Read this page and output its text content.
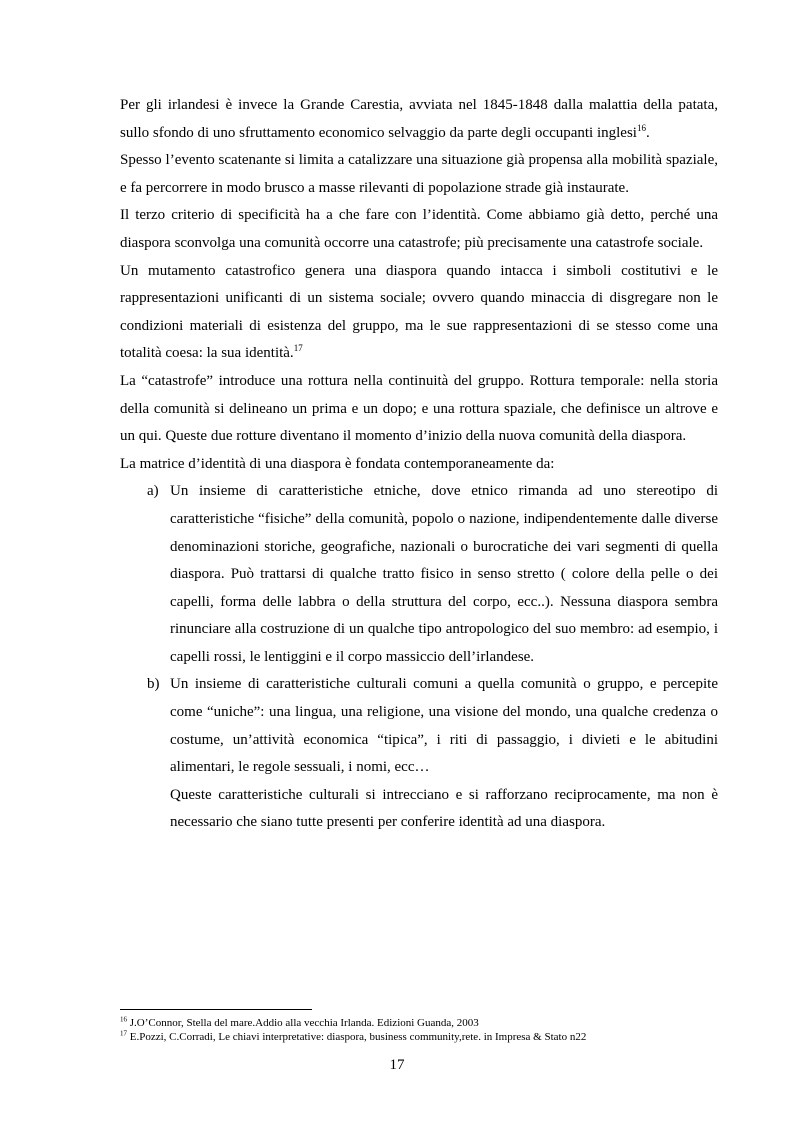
Per gli irlandesi è invece la Grande Carestia, avviata nel 1845-1848 dalla malattia della patata, sullo sfondo di uno sfruttamento economico selvaggio da parte degli occupanti inglesi$^{16}$.

Spesso l’evento scatenante si limita a catalizzare una situazione già propensa alla mobilità spaziale, e fa percorrere in modo brusco a masse rilevanti di popolazione strade già instaurate.

Il terzo criterio di specificità ha a che fare con l’identità. Come abbiamo già detto, perché una diaspora sconvolga una comunità occorre una catastrofe; più precisamente una catastrofe sociale.

Un mutamento catastrofico genera una diaspora quando intacca i simboli costitutivi e le rappresentazioni unificanti di un sistema sociale; ovvero quando minaccia di disgregare non le condizioni materiali di esistenza del gruppo, ma le sue rappresentazioni di se stesso come una totalità coesa: la sua identità.$^{17}$

La “catastrofe” introduce una rottura nella continuità del gruppo. Rottura temporale: nella storia della comunità si delineano un prima e un dopo; e una rottura spaziale, che definisce un altrove e un qui. Queste due rotture diventano il momento d’inizio della nuova comunità della diaspora.

La matrice d’identità di una diaspora è fondata contemporaneamente da:

a) Un insieme di caratteristiche etniche, dove etnico rimanda ad uno stereotipo di caratteristiche “fisiche” della comunità, popolo o nazione, indipendentemente dalle diverse denominazioni storiche, geografiche, nazionali o burocratiche dei vari segmenti di quella diaspora. Può trattarsi di qualche tratto fisico in senso stretto ( colore della pelle o dei capelli, forma delle labbra o della struttura del corpo, ecc..). Nessuna diaspora sembra rinunciare alla costruzione di un qualche tipo antropologico del suo membro: ad esempio, i capelli rossi, le lentiggini e il corpo massiccio dell’irlandese.

b) Un insieme di caratteristiche culturali comuni a quella comunità o gruppo, e percepite come “uniche”: una lingua, una religione, una visione del mondo, una qualche credenza o costume, un’attività economica “tipica”, i riti di passaggio, i divieti e le abitudini alimentari, le regole sessuali, i nomi, ecc…

Queste caratteristiche culturali si intrecciano e si rafforzano reciprocamente, ma non è necessario che siano tutte presenti per conferire identità ad una diaspora.

$^{16}$ J.O’Connor, Stella del mare.Addio alla vecchia Irlanda. Edizioni Guanda, 2003
$^{17}$ E.Pozzi, C.Corradi, Le chiavi interpretative: diaspora, business community,rete. in Impresa & Stato n22
17
